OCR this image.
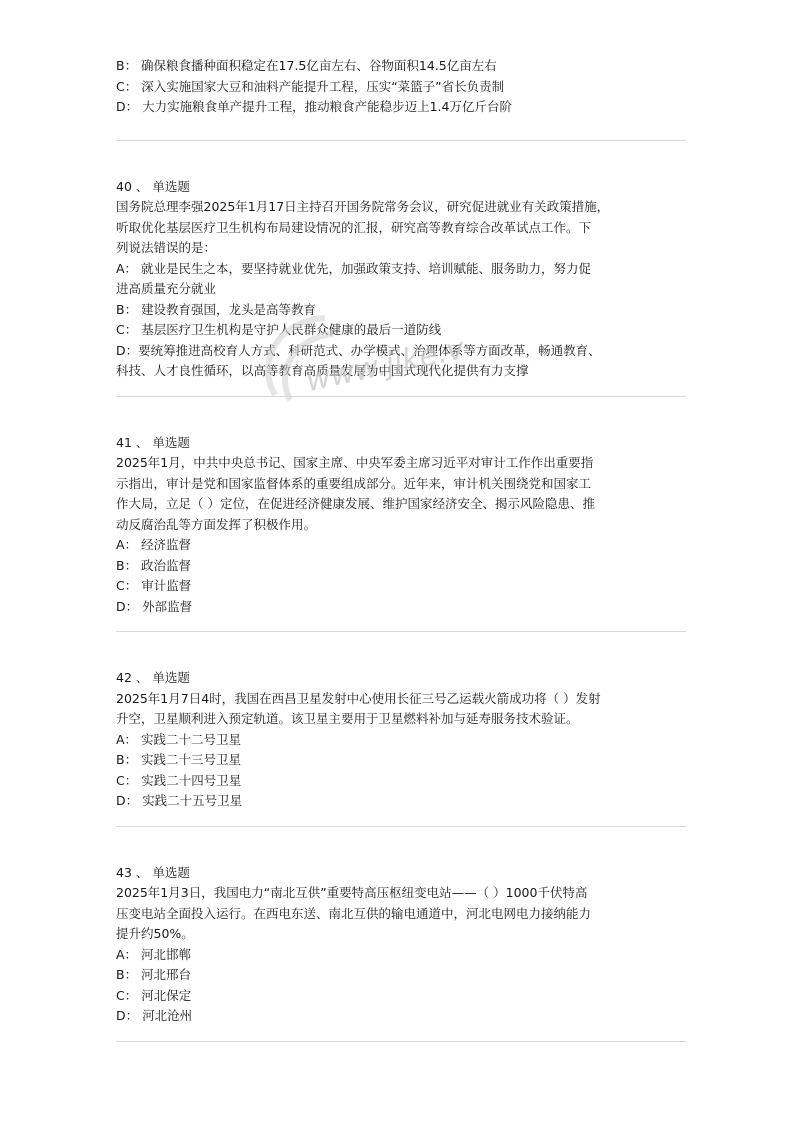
B： 确保粮食播种面积稳定在17.5亿亩左右、谷物面积14.5亿亩左右

C： 深入实施国家大豆和油料产能提升工程，压实“菜篮子”省长负责制

D： 大力实施粮食单产提升工程，推动粮食产能稳步迈上1.4万亿斤台阶

40 、 单选题

国务院总理李强2025年1月17日主持召开国务院常务会议，研究促进就业有关政策措施，

听取优化基层医疗卫生机构布局建设情况的汇报，研究高等教育综合改革试点工作。下

列说法错误的是：

A： 就业是民生之本，要坚持就业优先，加强政策支持、培训赋能、服务助力，努力促

进高质量充分就业

B： 建设教育强国，龙头是高等教育

C： 基层医疗卫生机构是守护人民群众健康的最后一道防线

D：要统筹推进高校育人方式、科研范式、办学模式、治理体系等方面改革，畅通教育、

科技、人才良性循环，以高等教育高质量发展为中国式现代化提供有力支撑

41 、 单选题

2025年1月，中共中央总书记、国家主席、中央军委主席习近平对审计工作作出重要指

示指出，审计是党和国家监督体系的重要组成部分。近年来，审计机关围绕党和国家工

作大局，立足（ ）定位，在促进经济健康发展、维护国家经济安全、揭示风险隐患、推

动反腐治乱等方面发挥了积极作用。

A： 经济监督

B： 政治监督

C： 审计监督

D： 外部监督

42 、 单选题

2025年1月7日4时，我国在西昌卫星发射中心使用长征三号乙运载火箭成功将（ ）发射

升空，卫星顺利进入预定轨道。该卫星主要用于卫星燃料补加与延寿服务技术验证。

A： 实践二十二号卫星

B： 实践二十三号卫星

C： 实践二十四号卫星

D： 实践二十五号卫星

43 、 单选题

2025年1月3日，我国电力“南北互供”重要特高压枢纽变电站——（ ）1000千伏特高

压变电站全面投入运行。在西电东送、南北互供的输电通道中，河北电网电力接纳能力

提升约50%。

A： 河北邯郸

B： 河北邢台

C： 河北保定

D： 河北沧州

www.jike.vip
